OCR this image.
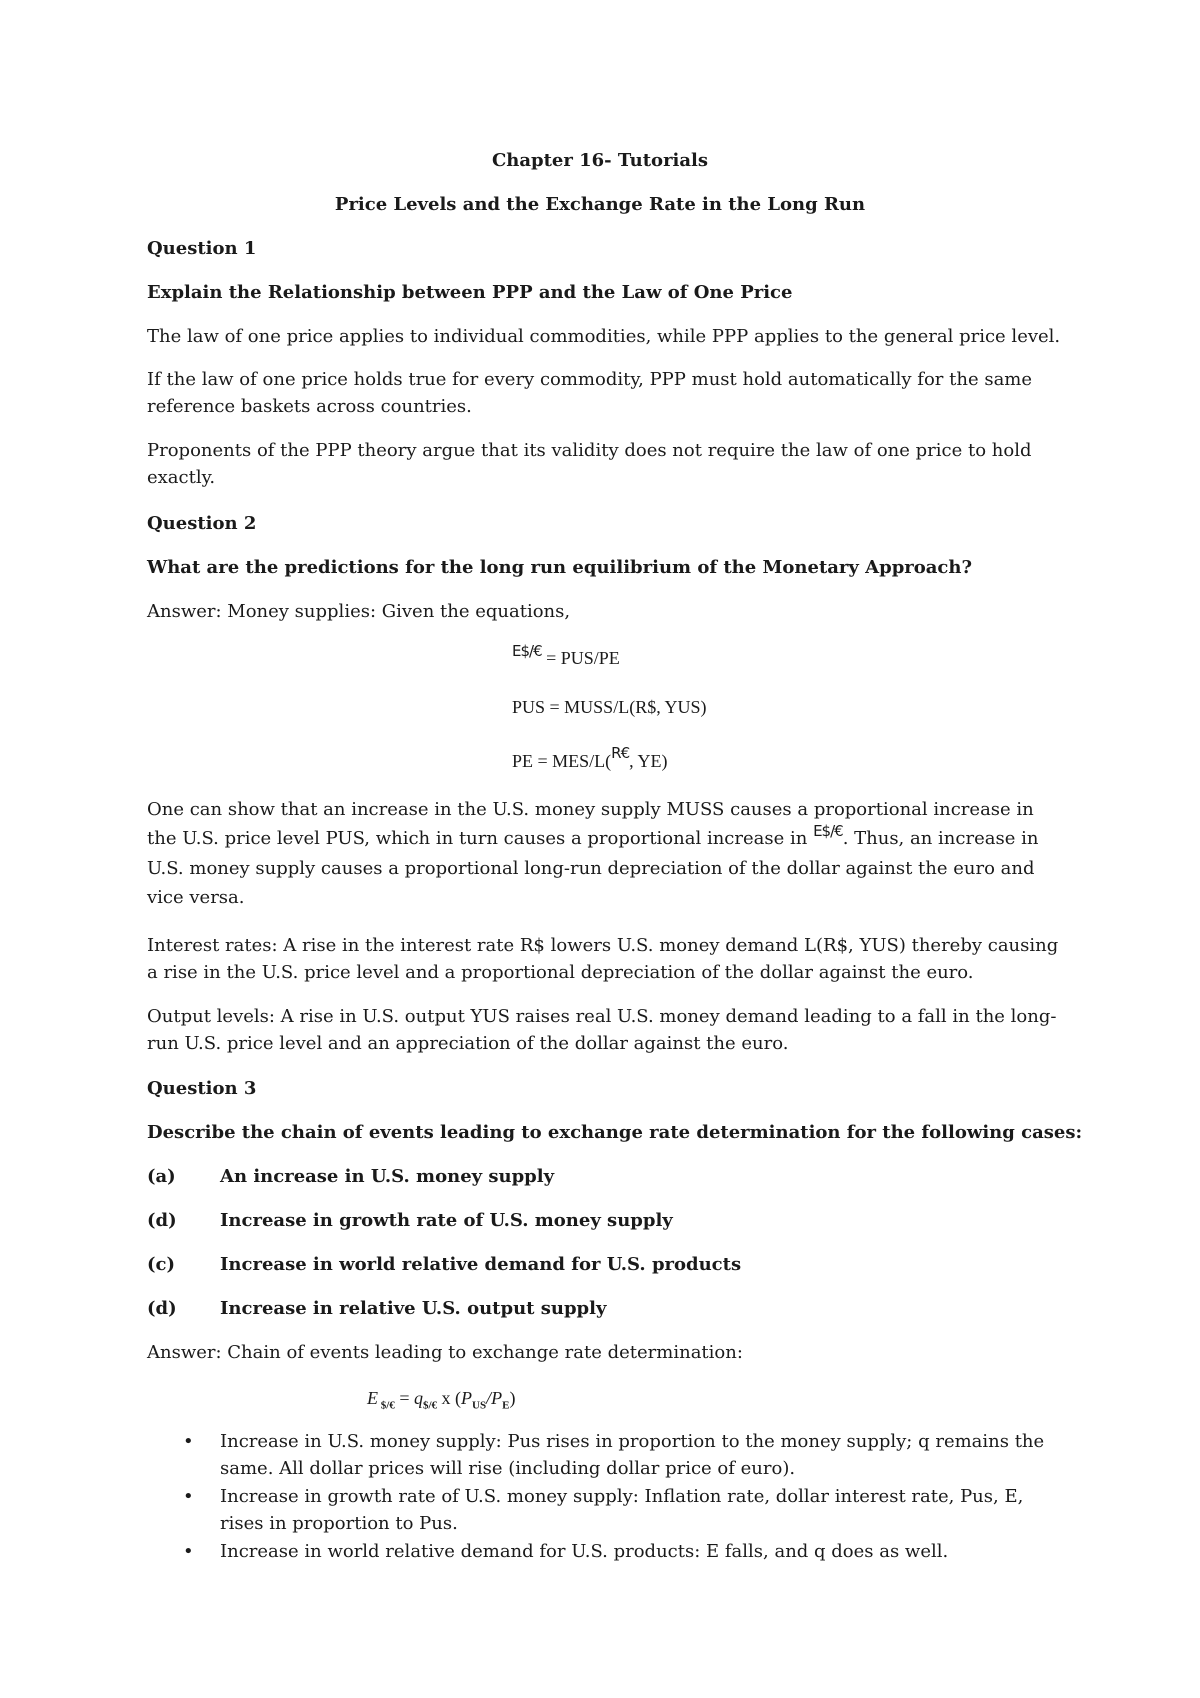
Chapter 16- Tutorials
Price Levels and the Exchange Rate in the Long Run
Question 1
Explain the Relationship between PPP and the Law of One Price
The law of one price applies to individual commodities, while PPP applies to the general price level.
If the law of one price holds true for every commodity, PPP must hold automatically for the same reference baskets across countries.
Proponents of the PPP theory argue that its validity does not require the law of one price to hold exactly.
Question 2
What are the predictions for the long run equilibrium of the Monetary Approach?
Answer: Money supplies: Given the equations,
$^{E\$/€}$ = PUS/PE
PUS = MUSS/L(R$, YUS)
PE = MES/L($^{R€}$, YE)
One can show that an increase in the U.S. money supply MUSS causes a proportional increase in the U.S. price level PUS, which in turn causes a proportional increase in $^{E\$/€}$. Thus, an increase in U.S. money supply causes a proportional long-run depreciation of the dollar against the euro and vice versa.
Interest rates: A rise in the interest rate R$ lowers U.S. money demand L(R$, YUS) thereby causing a rise in the U.S. price level and a proportional depreciation of the dollar against the euro.
Output levels: A rise in U.S. output YUS raises real U.S. money demand leading to a fall in the long-run U.S. price level and an appreciation of the dollar against the euro.
Question 3
Describe the chain of events leading to exchange rate determination for the following cases:
(a) An increase in U.S. money supply
(d) Increase in growth rate of U.S. money supply
(c)	Increase in world relative demand for U.S. products
(d) Increase in relative U.S. output supply
Answer: Chain of events leading to exchange rate determination:
E $_{\$/€} = q_{\$/€}$ x $(P_{US}/P_E)$
• Increase in U.S. money supply: Pus rises in proportion to the money supply; q remains the same. All dollar prices will rise (including dollar price of euro).
• Increase in growth rate of U.S. money supply: Inflation rate, dollar interest rate, Pus, E, rises in proportion to Pus.
• Increase in world relative demand for U.S. products: E falls, and q does as well.
